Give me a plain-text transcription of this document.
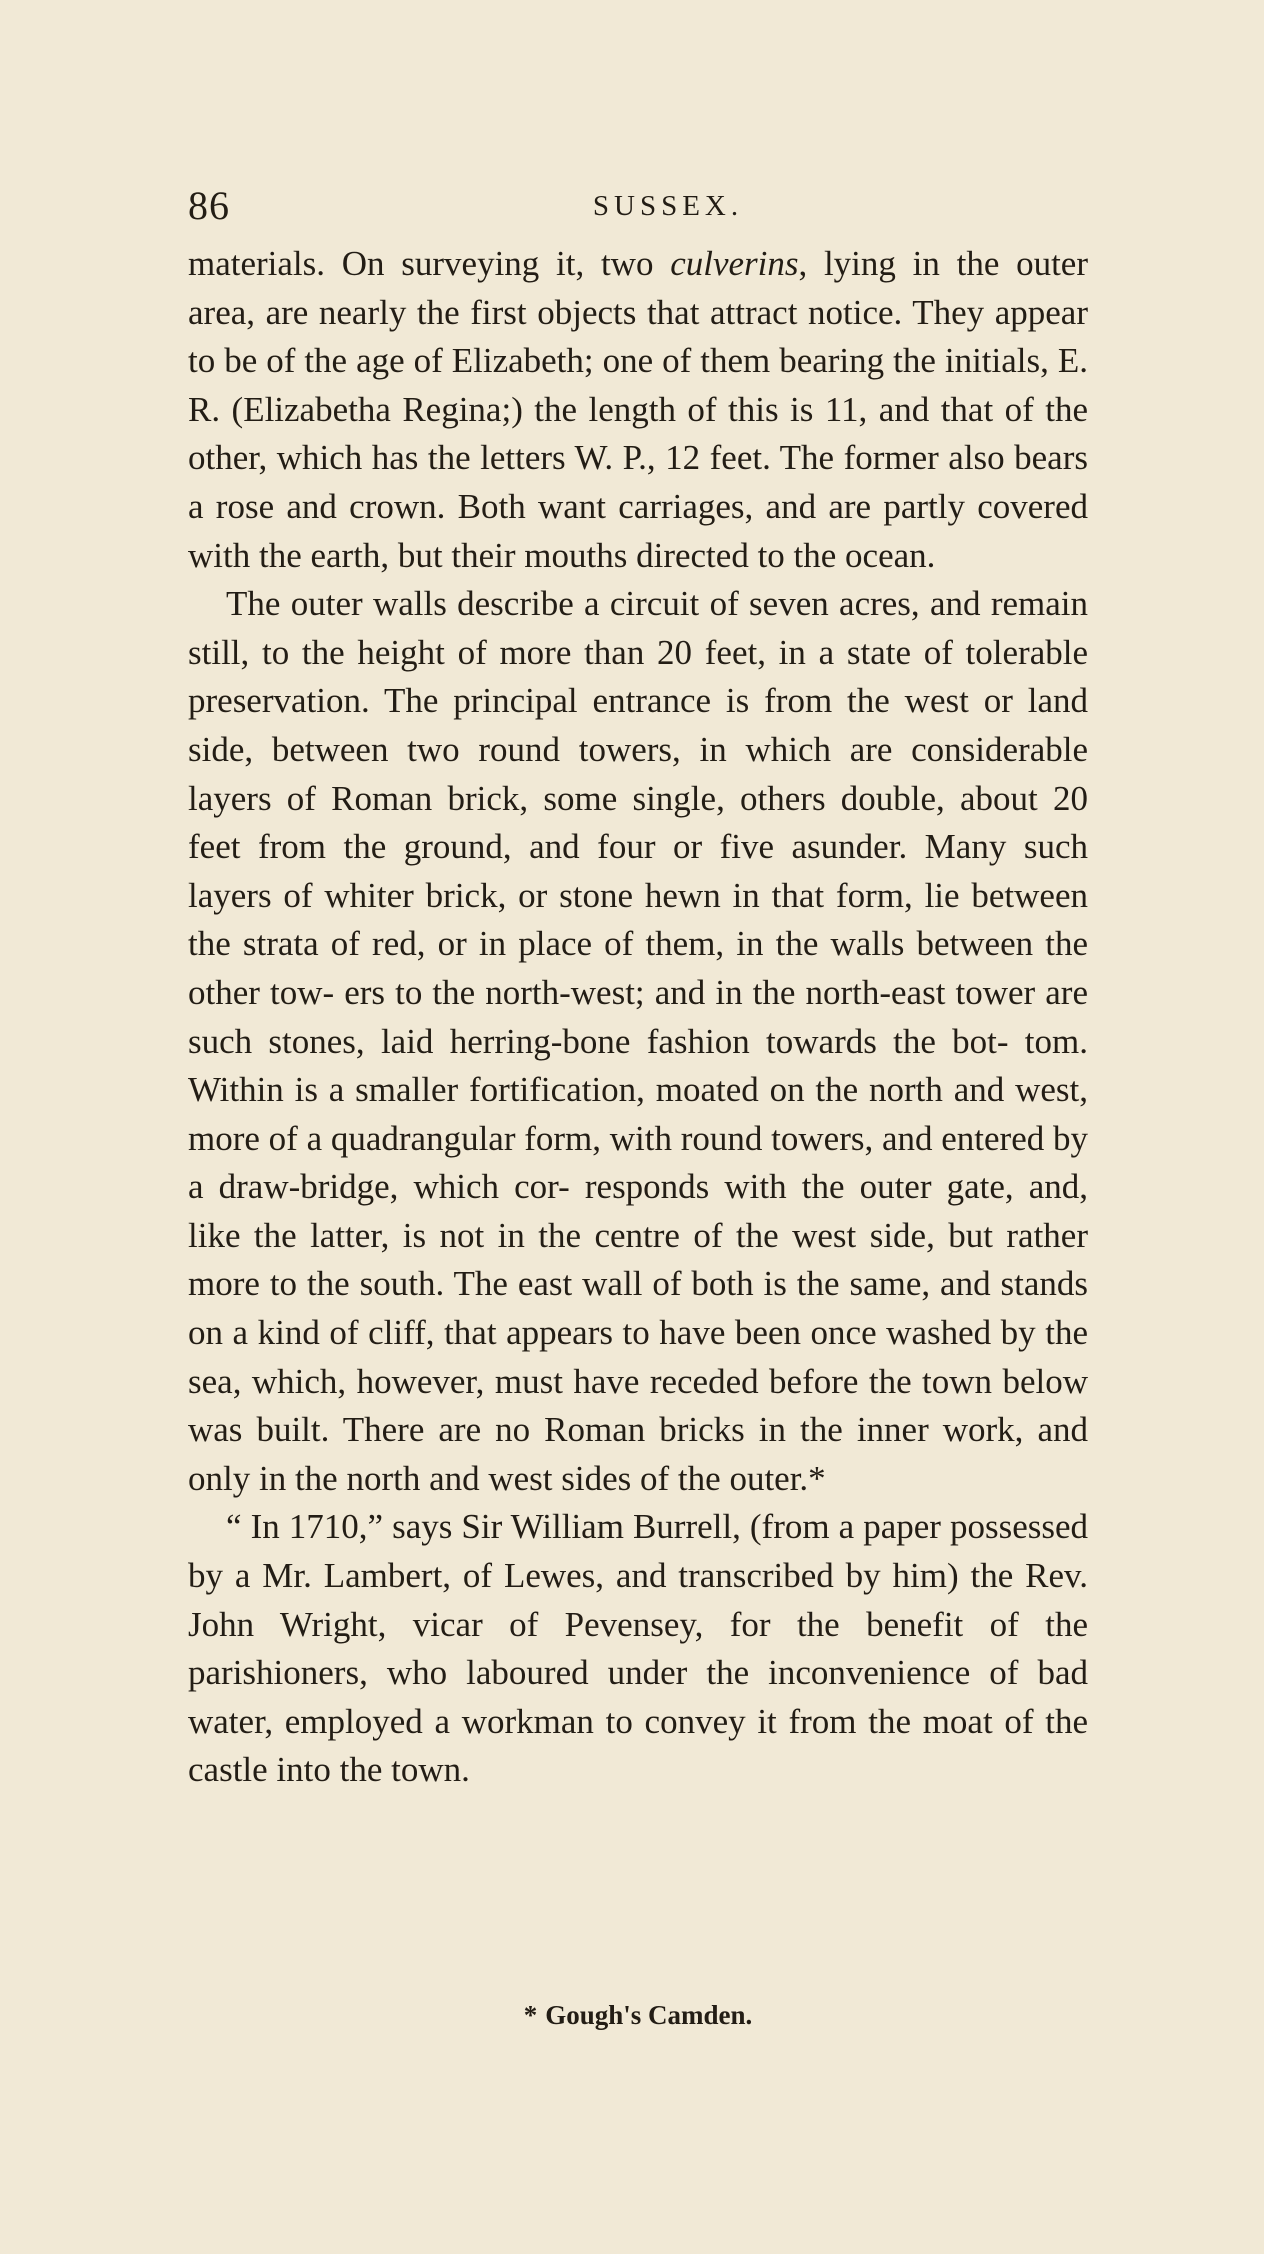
86	SUSSEX.

materials. On surveying it, two culverins, lying in the outer area, are nearly the first objects that attract notice. They appear to be of the age of Elizabeth; one of them bearing the initials, E. R. (Elizabetha Regina;) the length of this is 11, and that of the other, which has the letters W. P., 12 feet. The former also bears a rose and crown. Both want carriages, and are partly covered with the earth, but their mouths directed to the ocean.

The outer walls describe a circuit of seven acres, and remain still, to the height of more than 20 feet, in a state of tolerable preservation. The principal entrance is from the west or land side, between two round towers, in which are considerable layers of Roman brick, some single, others double, about 20 feet from the ground, and four or five asunder. Many such layers of whiter brick, or stone hewn in that form, lie between the strata of red, or in place of them, in the walls between the other tow- ers to the north-west; and in the north-east tower are such stones, laid herring-bone fashion towards the bot- tom. Within is a smaller fortification, moated on the north and west, more of a quadrangular form, with round towers, and entered by a draw-bridge, which cor- responds with the outer gate, and, like the latter, is not in the centre of the west side, but rather more to the south. The east wall of both is the same, and stands on a kind of cliff, that appears to have been once washed by the sea, which, however, must have receded before the town below was built. There are no Roman bricks in the inner work, and only in the north and west sides of the outer.*

“ In 1710,” says Sir William Burrell, (from a paper possessed by a Mr. Lambert, of Lewes, and transcribed by him) the Rev. John Wright, vicar of Pevensey, for the benefit of the parishioners, who laboured under the inconvenience of bad water, employed a workman to convey it from the moat of the castle into the town.

* Gough's Camden.
